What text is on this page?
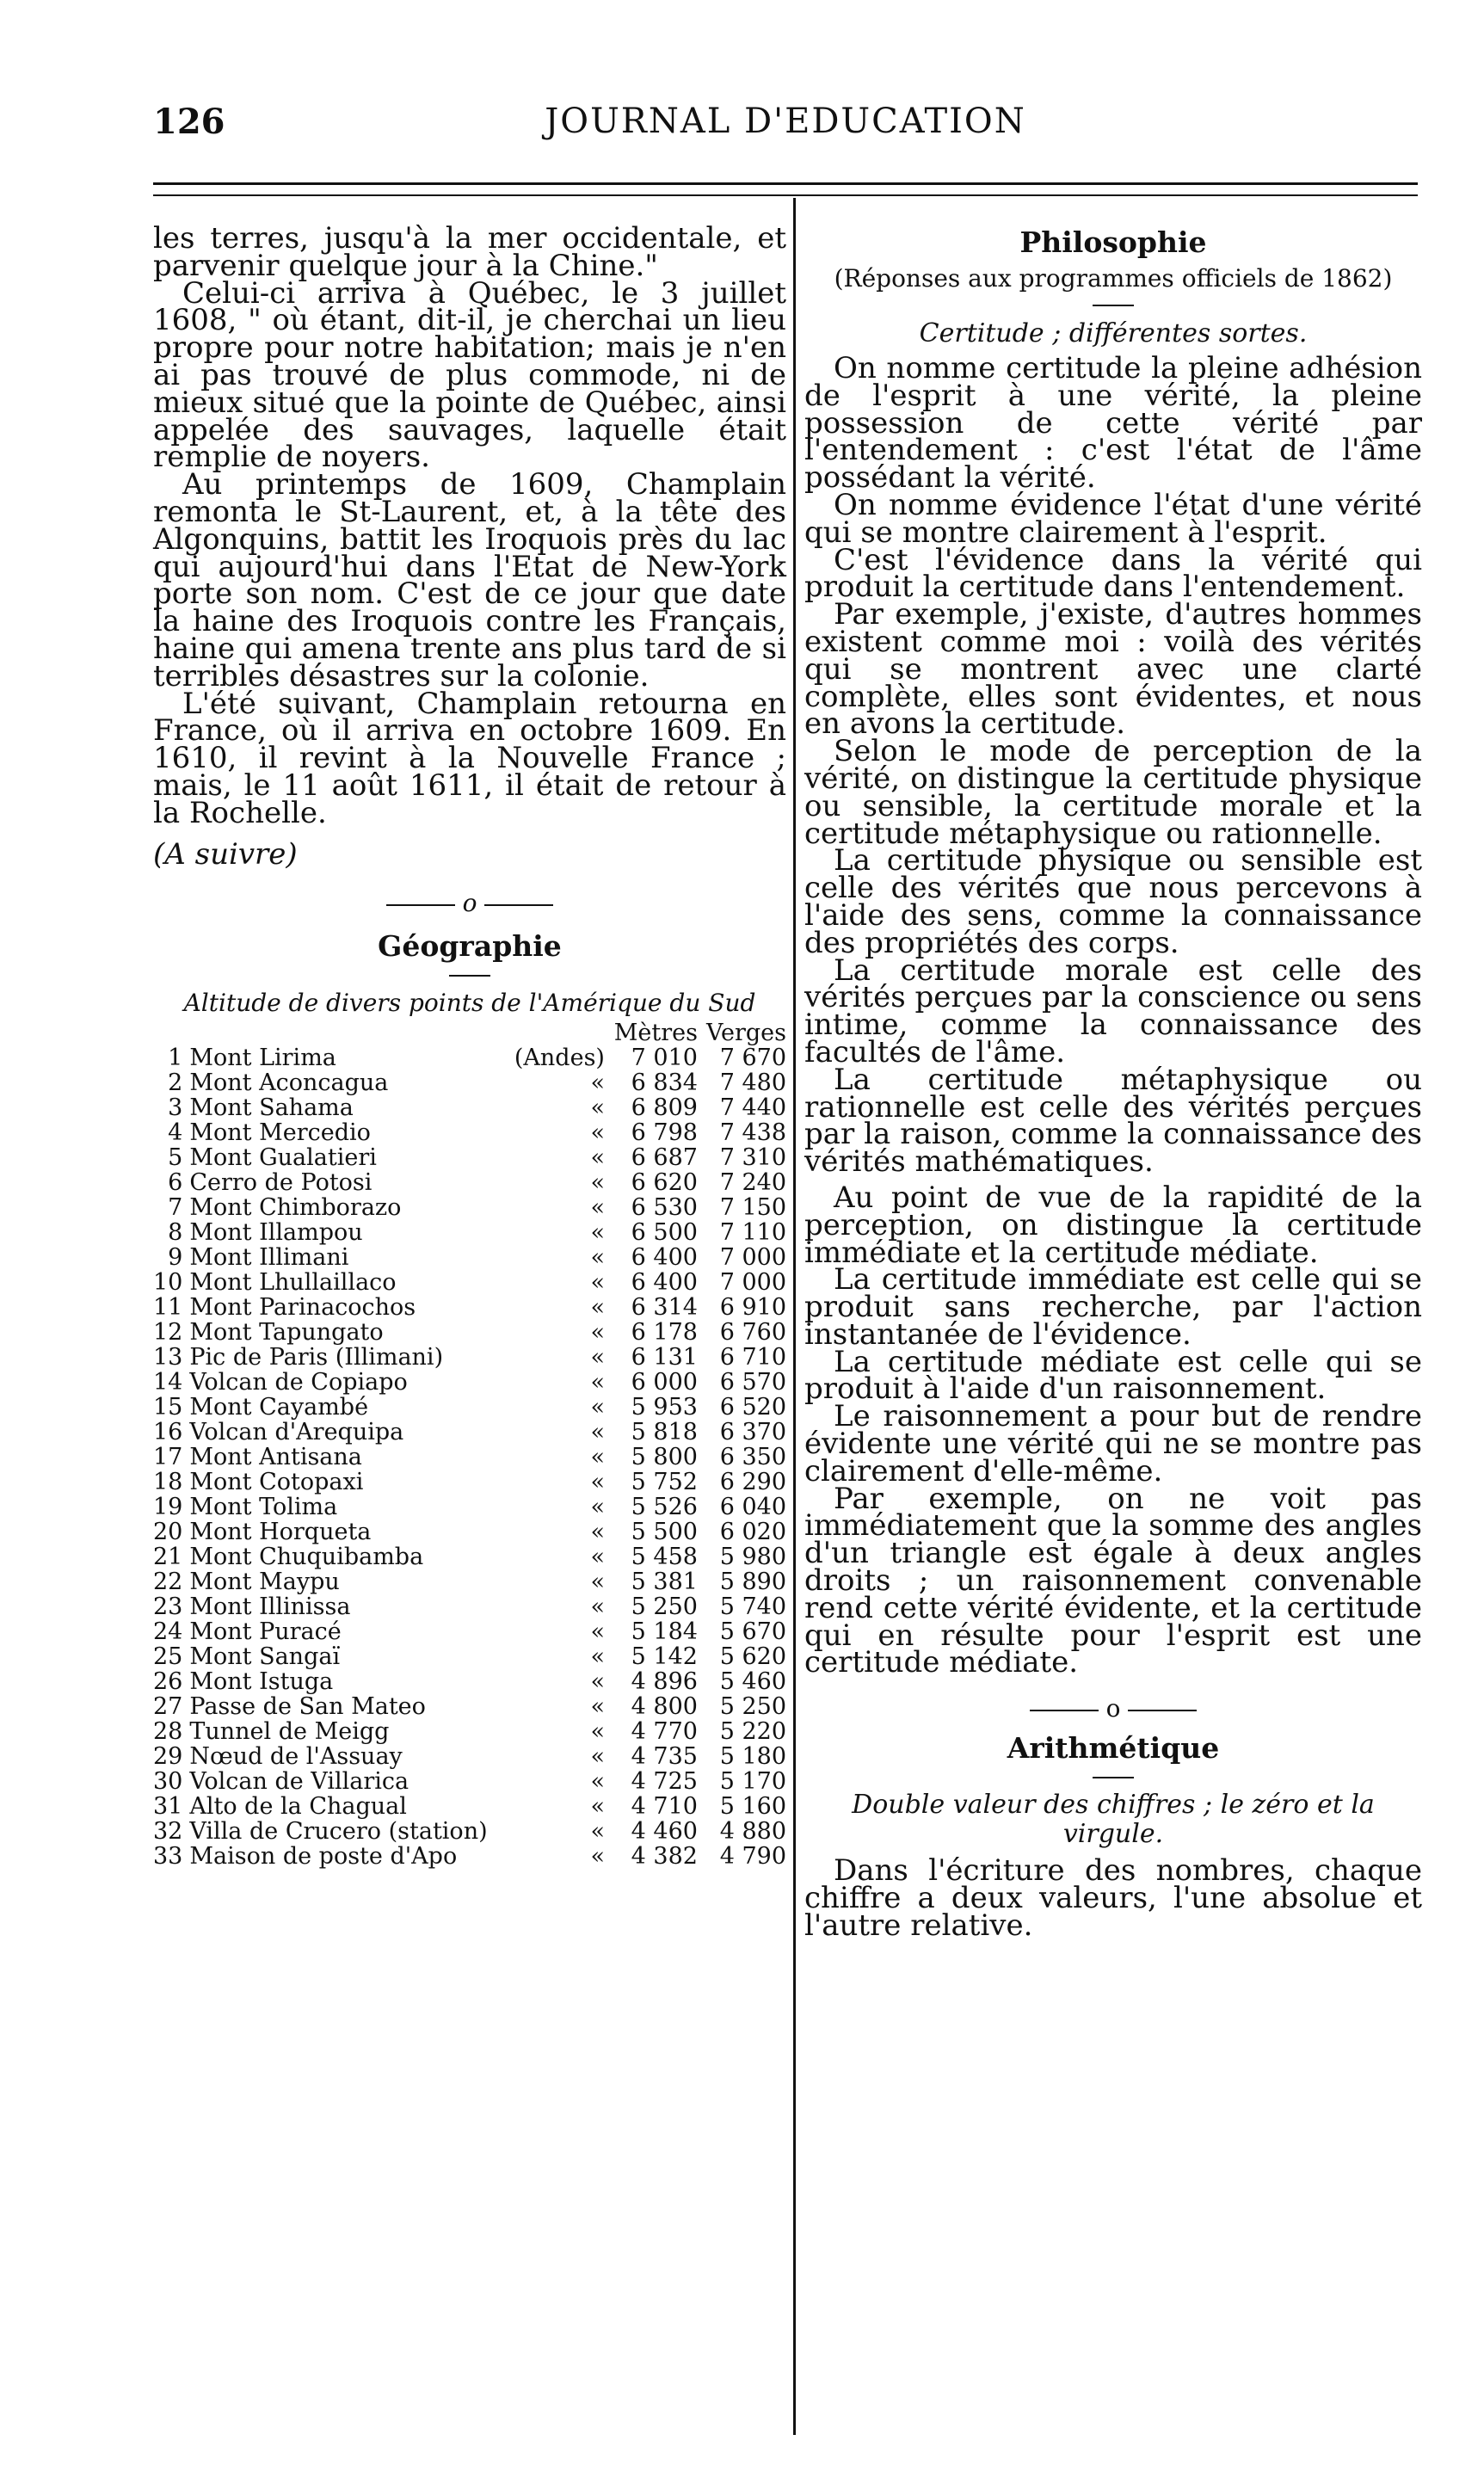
126	JOURNAL D'EDUCATION

les terres, jusqu'à la mer occidentale, et parvenir quelque jour à la Chine."

Celui-ci arriva à Québec, le 3 juillet 1608, " où étant, dit-il, je cherchai un lieu propre pour notre habitation; mais je n'en ai pas trouvé de plus commode, ni de mieux situé que la pointe de Québec, ainsi appelée des sauvages, laquelle était remplie de noyers.

Au printemps de 1609, Champlain remonta le St-Laurent, et, à la tête des Algonquins, battit les Iroquois près du lac qui aujourd'hui dans l'Etat de New-York porte son nom. C'est de ce jour que date la haine des Iroquois contre les Français, haine qui amena trente ans plus tard de si terribles désastres sur la colonie.

L'été suivant, Champlain retourna en France, où il arriva en octobre 1609. En 1610, il revint à la Nouvelle France ; mais, le 11 août 1611, il était de retour à la Rochelle.

(A suivre)

o
Géographie
Altitude de divers points de l'Amérique du Sud
			Mètres	Verges
1	Mont Lirima	(Andes)	7 010	7 670
2	Mont Aconcagua	«	6 834	7 480
3	Mont Sahama	«	6 809	7 440
4	Mont Mercedio	«	6 798	7 438
5	Mont Gualatieri	«	6 687	7 310
6	Cerro de Potosi	«	6 620	7 240
7	Mont Chimborazo	«	6 530	7 150
8	Mont Illampou	«	6 500	7 110
9	Mont Illimani	«	6 400	7 000
10	Mont Lhullaillaco	«	6 400	7 000
11	Mont Parinacochos	«	6 314	6 910
12	Mont Tapungato	«	6 178	6 760
13	Pic de Paris (Illimani)	«	6 131	6 710
14	Volcan de Copiapo	«	6 000	6 570
15	Mont Cayambé	«	5 953	6 520
16	Volcan d'Arequipa	«	5 818	6 370
17	Mont Antisana	«	5 800	6 350
18	Mont Cotopaxi	«	5 752	6 290
19	Mont Tolima	«	5 526	6 040
20	Mont Horqueta	«	5 500	6 020
21	Mont Chuquibamba	«	5 458	5 980
22	Mont Maypu	«	5 381	5 890
23	Mont Illinissa	«	5 250	5 740
24	Mont Puracé	«	5 184	5 670
25	Mont Sangaï	«	5 142	5 620
26	Mont Istuga	«	4 896	5 460
27	Passe de San Mateo	«	4 800	5 250
28	Tunnel de Meigg	«	4 770	5 220
29	Nœud de l'Assuay	«	4 735	5 180
30	Volcan de Villarica	«	4 725	5 170
31	Alto de la Chagual	«	4 710	5 160
32	Villa de Crucero (station)	«	4 460	4 880
33	Maison de poste d'Apo	«	4 382	4 790
Philosophie
(Réponses aux programmes officiels de 1862)
Certitude ; différentes sortes.

On nomme certitude la pleine adhésion de l'esprit à une vérité, la pleine possession de cette vérité par l'entendement : c'est l'état de l'âme possédant la vérité.

On nomme évidence l'état d'une vérité qui se montre clairement à l'esprit.

C'est l'évidence dans la vérité qui produit la certitude dans l'entendement.

Par exemple, j'existe, d'autres hommes existent comme moi : voilà des vérités qui se montrent avec une clarté complète, elles sont évidentes, et nous en avons la certitude.

Selon le mode de perception de la vérité, on distingue la certitude physique ou sensible, la certitude morale et la certitude métaphysique ou rationnelle.

La certitude physique ou sensible est celle des vérités que nous percevons à l'aide des sens, comme la connaissance des propriétés des corps.

La certitude morale est celle des vérités perçues par la conscience ou sens intime, comme la connaissance des facultés de l'âme.

La certitude métaphysique ou rationnelle est celle des vérités perçues par la raison, comme la connaissance des vérités mathématiques.

Au point de vue de la rapidité de la perception, on distingue la certitude immédiate et la certitude médiate.

La certitude immédiate est celle qui se produit sans recherche, par l'action instantanée de l'évidence.

La certitude médiate est celle qui se produit à l'aide d'un raisonnement.

Le raisonnement a pour but de rendre évidente une vérité qui ne se montre pas clairement d'elle-même.

Par exemple, on ne voit pas immédiatement que la somme des angles d'un triangle est égale à deux angles droits ; un raisonnement convenable rend cette vérité évidente, et la certitude qui en résulte pour l'esprit est une certitude médiate.

o
Arithmétique
Double valeur des chiffres ; le zéro et la virgule.

Dans l'écriture des nombres, chaque chiffre a deux valeurs, l'une absolue et l'autre relative.
